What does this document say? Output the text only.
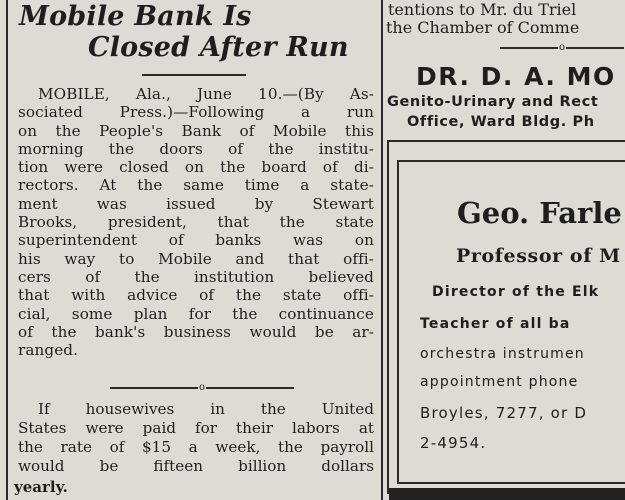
Mobile Bank Is
Closed After Run
MOBILE, Ala., June 10.—(By As-
sociated Press.)—Following a run
on the People's Bank of Mobile this
morning the doors of the institu-
tion were closed on the board of di-
rectors. At the same time a state-
ment was issued by Stewart
Brooks, president, that the state
superintendent of banks was on
his way to Mobile and that offi-
cers of the institution believed
that with advice of the state offi-
cial, some plan for the continuance
of the bank's business would be ar-
ranged.
o
If housewives in the United
States were paid for their labors at
the rate of $15 a week, the payroll
would be fifteen billion dollars
yearly.
tentions to Mr. du Triel
the Chamber of Comme
o
DR. D. A. MO
Genito-Urinary and Rect
Office, Ward Bldg. Ph
Geo. Farle
Professor of M
Director of the Elk
Teacher of all ba
orchestra instrumen
appointment phone
Broyles, 7277, or D
2-4954.
